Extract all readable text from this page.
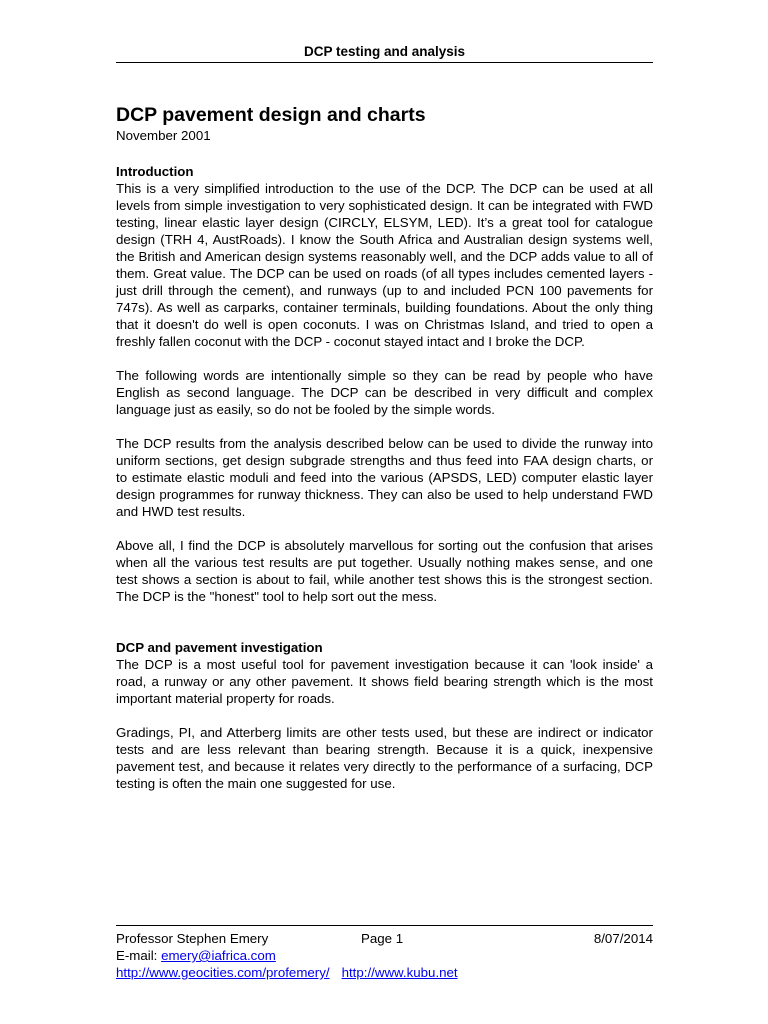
DCP testing and analysis
DCP pavement design and charts

November 2001

Introduction

This is a very simplified introduction to the use of the DCP. The DCP can be used at all levels from simple investigation to very sophisticated design. It can be integrated with FWD testing, linear elastic layer design (CIRCLY, ELSYM, LED). It’s a great tool for catalogue design (TRH 4, AustRoads). I know the South Africa and Australian design systems well, the British and American design systems reasonably well, and the DCP adds value to all of them. Great value. The DCP can be used on roads (of all types includes cemented layers - just drill through the cement), and runways (up to and included PCN 100 pavements for 747s). As well as carparks, container terminals, building foundations. About the only thing that it doesn't do well is open coconuts. I was on Christmas Island, and tried to open a freshly fallen coconut with the DCP - coconut stayed intact and I broke the DCP.

The following words are intentionally simple so they can be read by people who have English as second language. The DCP can be described in very difficult and complex language just as easily, so do not be fooled by the simple words.

The DCP results from the analysis described below can be used to divide the runway into uniform sections, get design subgrade strengths and thus feed into FAA design charts, or to estimate elastic moduli and feed into the various (APSDS, LED) computer elastic layer design programmes for runway thickness. They can also be used to help understand FWD and HWD test results.

Above all, I find the DCP is absolutely marvellous for sorting out the confusion that arises when all the various test results are put together. Usually nothing makes sense, and one test shows a section is about to fail, while another test shows this is the strongest section. The DCP is the "honest" tool to help sort out the mess.

DCP and pavement investigation

The DCP is a most useful tool for pavement investigation because it can 'look inside' a road, a runway or any other pavement. It shows field bearing strength which is the most important material property for roads.

Gradings, PI, and Atterberg limits are other tests used, but these are indirect or indicator tests and are less relevant than bearing strength. Because it is a quick, inexpensive pavement test, and because it relates very directly to the performance of a surfacing, DCP testing is often the main one suggested for use.

Professor Stephen Emery	Page 1	8/07/2014
E-mail: emery@iafrica.com
http://www.geocities.com/profemery/ http://www.kubu.net
